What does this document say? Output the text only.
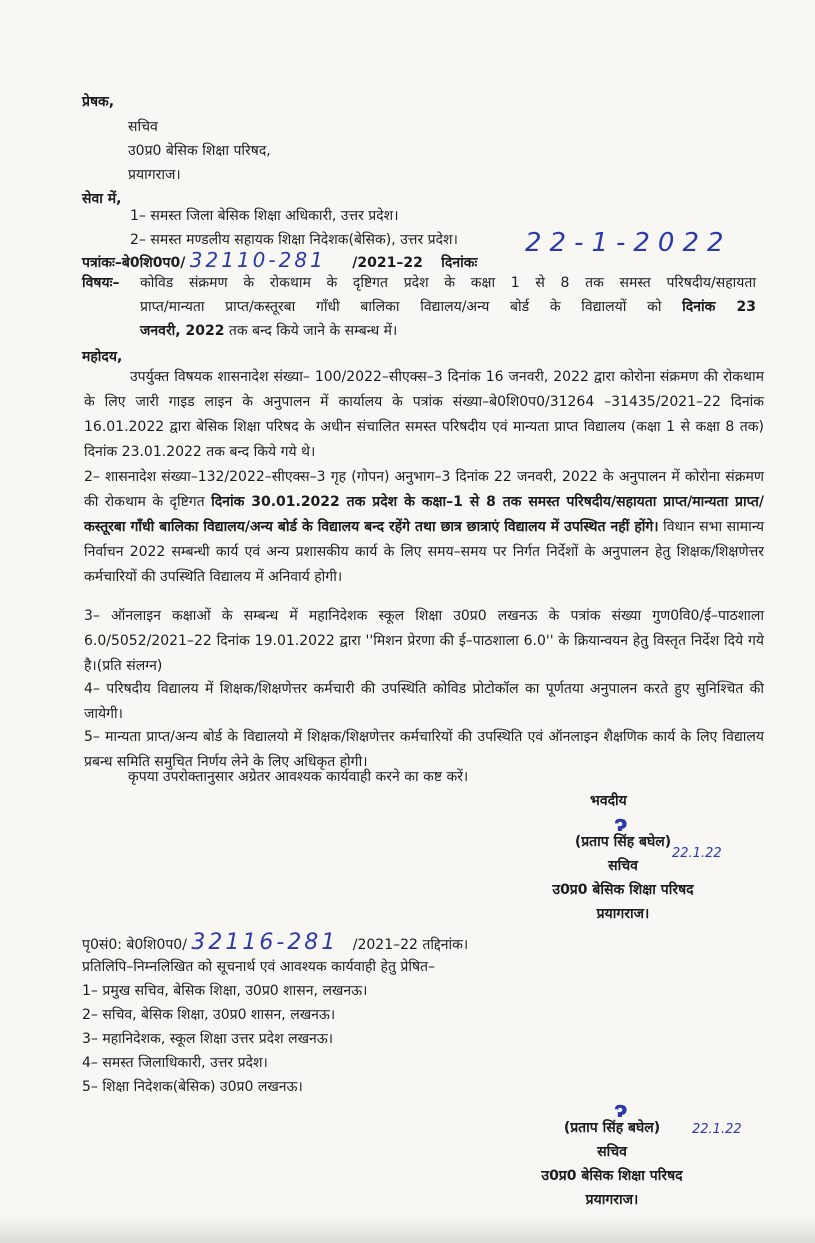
प्रेषक,
सचिव
उ0प्र0 बेसिक शिक्षा परिषद,
प्रयागराज।
सेवा में,
1– समस्त जिला बेसिक शिक्षा अधिकारी, उत्तर प्रदेश।
2– समस्त मण्डलीय सहायक शिक्षा निदेशक(बेसिक), उत्तर प्रदेश।
पत्रांकः–बे0शि0प0/ 32110-281 /2021–22 दिनांकः
22-1-2022
विषयः– कोविड संक्रमण के रोकथाम के दृष्टिगत प्रदेश के कक्षा 1 से 8 तक समस्त परिषदीय/सहायता
प्राप्त/मान्यता प्राप्त/कस्तूरबा गाँधी बालिका विद्यालय/अन्य बोर्ड के विद्यालयों को दिनांक 23
जनवरी, 2022 तक बन्द किये जाने के सम्बन्ध में।
महोदय,

उपर्युक्त विषयक शासनादेश संख्या– 100/2022–सीएक्स–3 दिनांक 16 जनवरी, 2022 द्वारा कोरोना संक्रमण की रोकथाम के लिए जारी गाइड लाइन के अनुपालन में कार्यालय के पत्रांक संख्या–बे0शि0प0/31264 –31435/2021–22 दिनांक 16.01.2022 द्वारा बेसिक शिक्षा परिषद के अधीन संचालित समस्त परिषदीय एवं मान्यता प्राप्त विद्यालय (कक्षा 1 से कक्षा 8 तक) दिनांक 23.01.2022 तक बन्द किये गये थे।

2– शासनादेश संख्या–132/2022–सीएक्स–3 गृह (गोपन) अनुभाग–3 दिनांक 22 जनवरी, 2022 के अनुपालन में कोरोना संक्रमण की रोकथाम के दृष्टिगत दिनांक 30.01.2022 तक प्रदेश के कक्षा–1 से 8 तक समस्त परिषदीय/सहायता प्राप्त/मान्यता प्राप्त/कस्तूरबा गाँधी बालिका विद्यालय/अन्य बोर्ड के विद्यालय बन्द रहेंगे तथा छात्र छात्राएं विद्यालय में उपस्थित नहीं होंगे। विधान सभा सामान्य निर्वाचन 2022 सम्बन्धी कार्य एवं अन्य प्रशासकीय कार्य के लिए समय–समय पर निर्गत निर्देशों के अनुपालन हेतु शिक्षक/शिक्षणेत्तर कर्मचारियों की उपस्थिति विद्यालय में अनिवार्य होगी।

3– ऑनलाइन कक्षाओं के सम्बन्ध में महानिदेशक स्कूल शिक्षा उ0प्र0 लखनऊ के पत्रांक संख्या गुण0वि0/ई–पाठशाला 6.0/5052/2021–22 दिनांक 19.01.2022 द्वारा ''मिशन प्रेरणा की ई–पाठशाला 6.0'' के क्रियान्वयन हेतु विस्तृत निर्देश दिये गये है।(प्रति संलग्न)

4– परिषदीय विद्यालय में शिक्षक/शिक्षणेत्तर कर्मचारी की उपस्थिति कोविड प्रोटोकॉल का पूर्णतया अनुपालन करते हुए सुनिश्चित की जायेगी।

5– मान्यता प्राप्त/अन्य बोर्ड के विद्यालयो में शिक्षक/शिक्षणेत्तर कर्मचारियों की उपस्थिति एवं ऑनलाइन शैक्षणिक कार्य के लिए विद्यालय प्रबन्ध समिति समुचित निर्णय लेने के लिए अधिकृत होगी।

कृपया उपरोक्तानुसार अग्रेतर आवश्यक कार्यवाही करने का कष्ट करें।
भवदीय
ɂ
(प्रताप सिंह बघेल)
सचिव
उ0प्र0 बेसिक शिक्षा परिषद
प्रयागराज।
22.1.22
पृ0सं0: बे0शि0प0/ 32116-281 /2021–22 तद्दिनांक।
प्रतिलिपि–निम्नलिखित को सूचनार्थ एवं आवश्यक कार्यवाही हेतु प्रेषित–
1– प्रमुख सचिव, बेसिक शिक्षा, उ0प्र0 शासन, लखनऊ।
2– सचिव, बेसिक शिक्षा, उ0प्र0 शासन, लखनऊ।
3– महानिदेशक, स्कूल शिक्षा उत्तर प्रदेश लखनऊ।
4– समस्त जिलाधिकारी, उत्तर प्रदेश।
5– शिक्षा निदेशक(बेसिक) उ0प्र0 लखनऊ।
ɂ
(प्रताप सिंह बघेल)
सचिव
उ0प्र0 बेसिक शिक्षा परिषद
प्रयागराज।
22.1.22
